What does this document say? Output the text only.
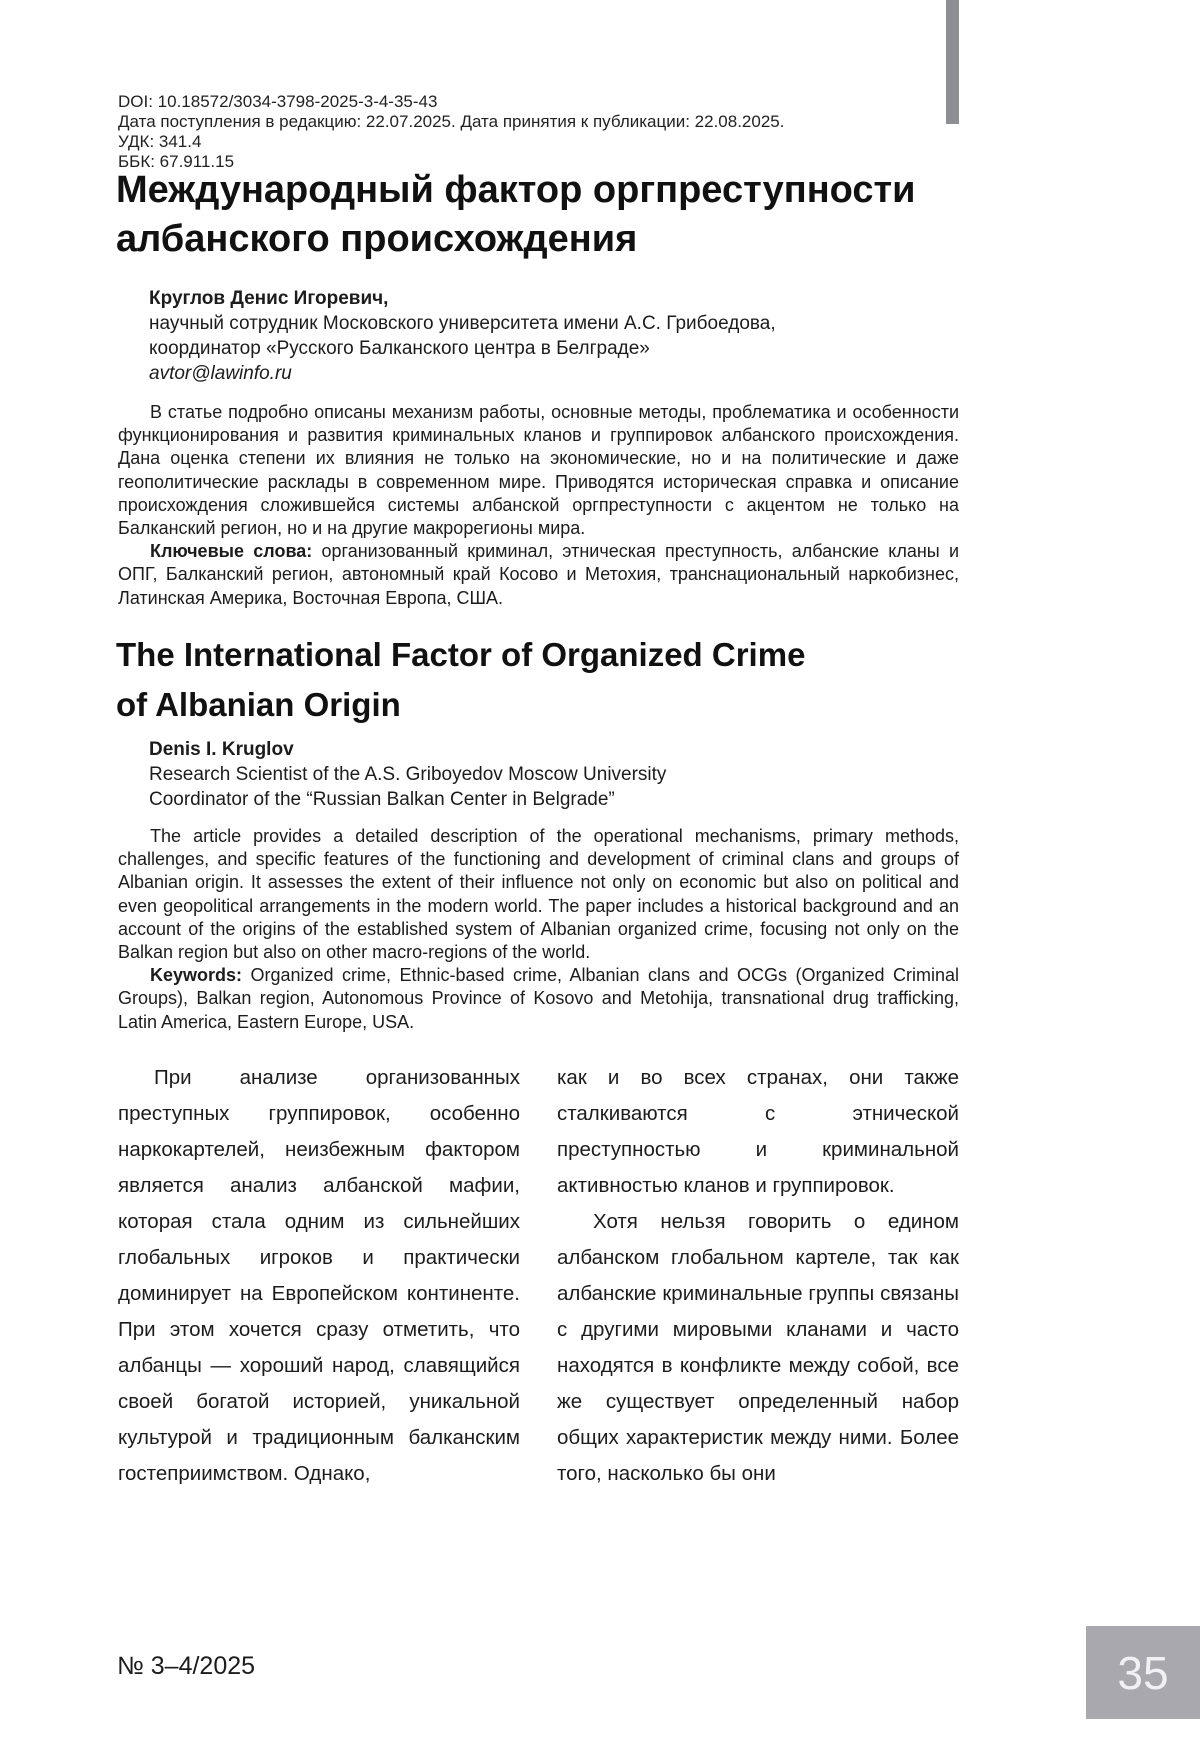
DOI: 10.18572/3034-3798-2025-3-4-35-43
Дата поступления в редакцию: 22.07.2025. Дата принятия к публикации: 22.08.2025.
УДК: 341.4
ББК: 67.911.15
Международный фактор оргпреступности
албанского происхождения
Круглов Денис Игоревич,
научный сотрудник Московского университета имени А.С. Грибоедова,
координатор «Русского Балканского центра в Белграде»
avtor@lawinfo.ru

В статье подробно описаны механизм работы, основные методы, проблематика и особенности функционирования и развития криминальных кланов и группировок албанского происхождения. Дана оценка степени их влияния не только на экономические, но и на политические и даже геополитические расклады в современном мире. Приводятся историческая справка и описание происхождения сложившейся системы албанской оргпреступности с акцентом не только на Балканский регион, но и на другие макрорегионы мира.

Ключевые слова: организованный криминал, этническая преступность, албанские кланы и ОПГ, Балканский регион, автономный край Косово и Метохия, транснациональный наркобизнес, Латинская Америка, Восточная Европа, США.

The International Factor of Organized Crime
of Albanian Origin
Denis I. Kruglov
Research Scientist of the A.S. Griboyedov Moscow University
Coordinator of the “Russian Balkan Center in Belgrade”

The article provides a detailed description of the operational mechanisms, primary methods, challenges, and specific features of the functioning and development of criminal clans and groups of Albanian origin. It assesses the extent of their influence not only on economic but also on political and even geopolitical arrangements in the modern world. The paper includes a historical background and an account of the origins of the established system of Albanian organized crime, focusing not only on the Balkan region but also on other macro-regions of the world.

Keywords: Organized crime, Ethnic-based crime, Albanian clans and OCGs (Organized Criminal Groups), Balkan region, Autonomous Province of Kosovo and Metohija, transnational drug trafficking, Latin America, Eastern Europe, USA.

При анализе организованных преступных группировок, особенно наркокартелей, неизбежным фактором является анализ албанской мафии, которая стала одним из сильнейших глобальных игроков и практически доминирует на Европейском континенте. При этом хочется сразу отметить, что албанцы — хороший народ, славящийся своей богатой историей, уникальной культурой и традиционным балканским гостеприимством. Однако,

как и во всех странах, они также сталкиваются с этнической преступностью и криминальной активностью кланов и группировок.

Хотя нельзя говорить о едином албанском глобальном картеле, так как албанские криминальные группы связаны с другими мировыми кланами и часто находятся в конфликте между собой, все же существует определенный набор общих характеристик между ними. Более того, насколько бы они

№ 3–4/2025	35
